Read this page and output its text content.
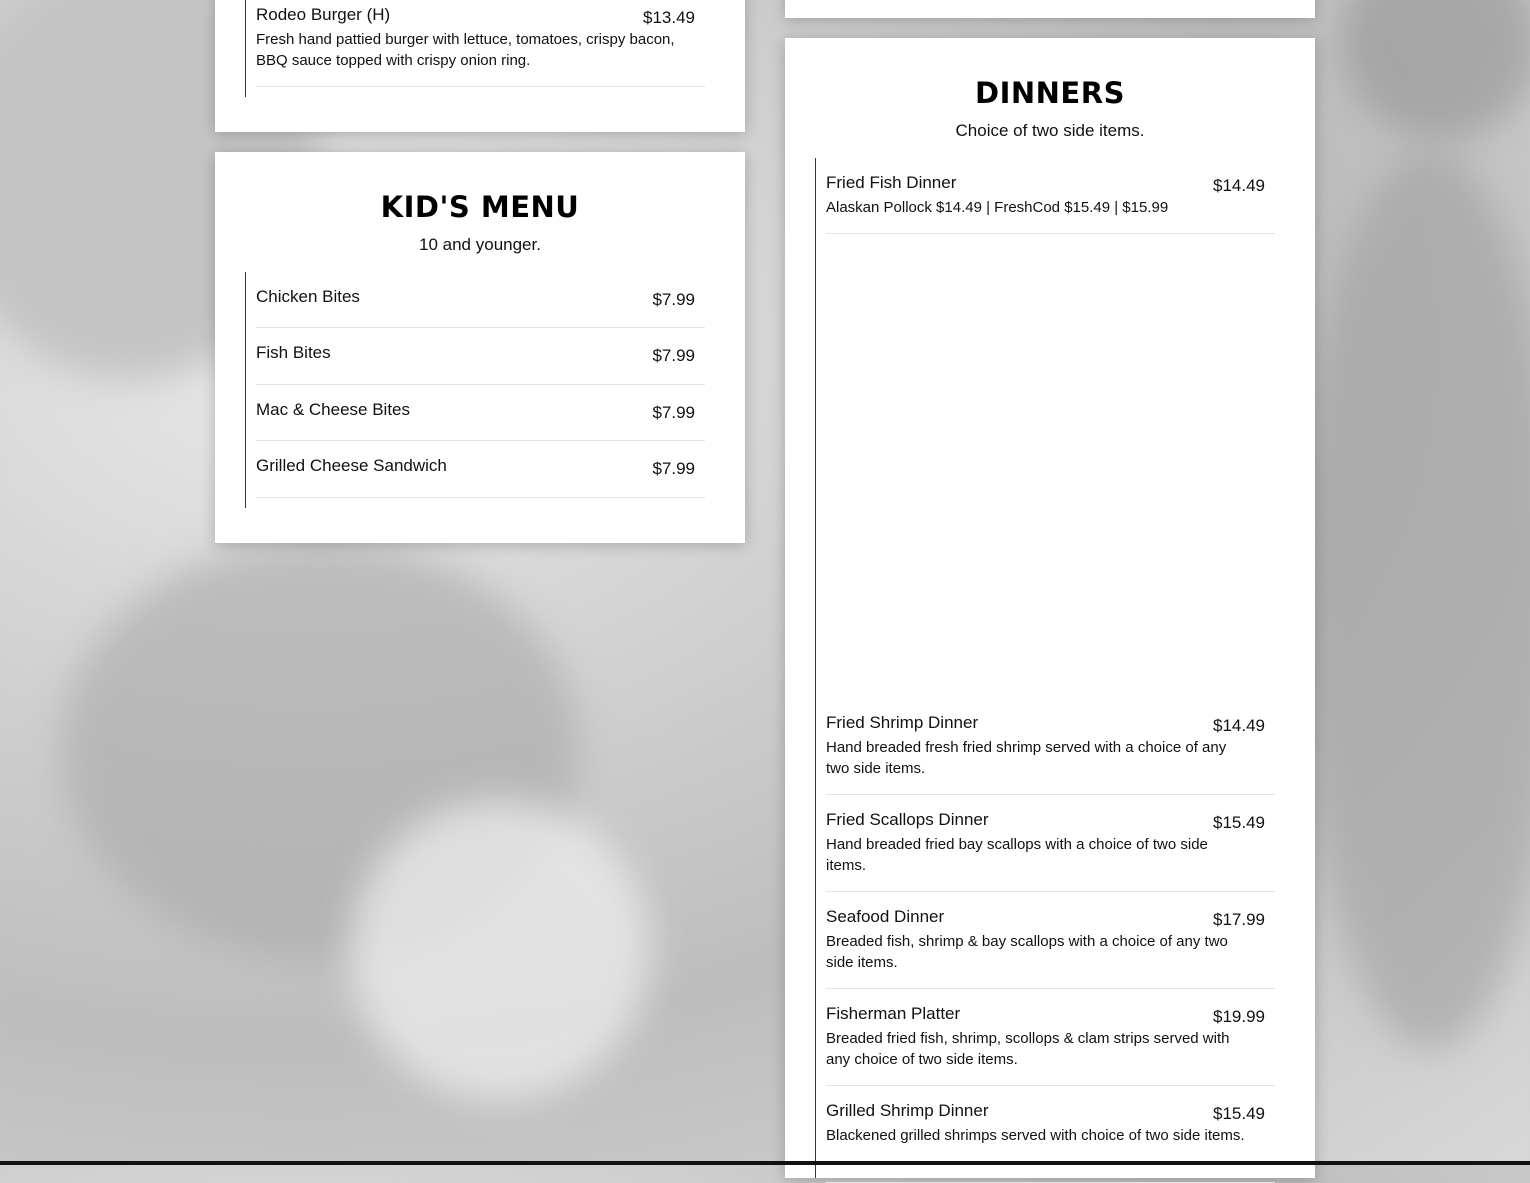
Rodeo Burger (H)	$13.49
Fresh hand pattied burger with lettuce, tomatoes, crispy bacon, BBQ sauce topped with crispy onion ring.
KID'S MENU

10 and younger.

Chicken Bites	$7.99
Fish Bites	$7.99
Mac & Cheese Bites	$7.99
Grilled Cheese Sandwich	$7.99
DINNERS

Choice of two side items.

Fried Fish Dinner	$14.49
Alaskan Pollock $14.49 | FreshCod $15.49 | $15.99
Fried Shrimp Dinner	$14.49
Hand breaded fresh fried shrimp served with a choice of any two side items.
Fried Scallops Dinner	$15.49
Hand breaded fried bay scallops with a choice of two side items.
Seafood Dinner	$17.99
Breaded fish, shrimp & bay scallops with a choice of any two side items.
Fisherman Platter	$19.99
Breaded fried fish, shrimp, scollops & clam strips served with any choice of two side items.
Grilled Shrimp Dinner	$15.49
Blackened grilled shrimps served with choice of two side items.
